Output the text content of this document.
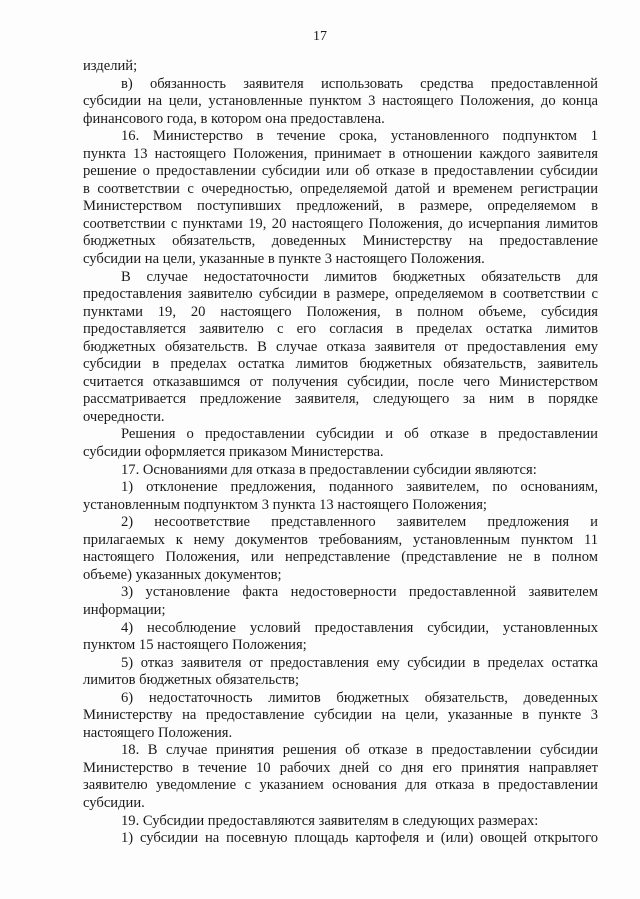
17

изделий;

в) обязанность заявителя использовать средства предоставленной

субсидии на цели, установленные пунктом 3 настоящего Положения, до конца

финансового года, в котором она предоставлена.

16. Министерство в течение срока, установленного подпунктом 1

пункта 13 настоящего Положения, принимает в отношении каждого заявителя

решение о предоставлении субсидии или об отказе в предоставлении субсидии

в соответствии с очередностью, определяемой датой и временем регистрации

Министерством поступивших предложений, в размере, определяемом в

соответствии с пунктами 19, 20 настоящего Положения, до исчерпания лимитов

бюджетных обязательств, доведенных Министерству на предоставление

субсидии на цели, указанные в пункте 3 настоящего Положения.

В случае недостаточности лимитов бюджетных обязательств для

предоставления заявителю субсидии в размере, определяемом в соответствии с

пунктами 19, 20 настоящего Положения, в полном объеме, субсидия

предоставляется заявителю с его согласия в пределах остатка лимитов

бюджетных обязательств. В случае отказа заявителя от предоставления ему

субсидии в пределах остатка лимитов бюджетных обязательств, заявитель

считается отказавшимся от получения субсидии, после чего Министерством

рассматривается предложение заявителя, следующего за ним в порядке

очередности.

Решения о предоставлении субсидии и об отказе в предоставлении

субсидии оформляется приказом Министерства.

17. Основаниями для отказа в предоставлении субсидии являются:

1) отклонение предложения, поданного заявителем, по основаниям,

установленным подпунктом 3 пункта 13 настоящего Положения;

2) несоответствие представленного заявителем предложения и

прилагаемых к нему документов требованиям, установленным пунктом 11

настоящего Положения, или непредставление (представление не в полном

объеме) указанных документов;

3) установление факта недостоверности предоставленной заявителем

информации;

4) несоблюдение условий предоставления субсидии, установленных

пунктом 15 настоящего Положения;

5) отказ заявителя от предоставления ему субсидии в пределах остатка

лимитов бюджетных обязательств;

6) недостаточность лимитов бюджетных обязательств, доведенных

Министерству на предоставление субсидии на цели, указанные в пункте 3

настоящего Положения.

18. В случае принятия решения об отказе в предоставлении субсидии

Министерство в течение 10 рабочих дней со дня его принятия направляет

заявителю уведомление с указанием основания для отказа в предоставлении

субсидии.

19. Субсидии предоставляются заявителям в следующих размерах:

1) субсидии на посевную площадь картофеля и (или) овощей открытого
